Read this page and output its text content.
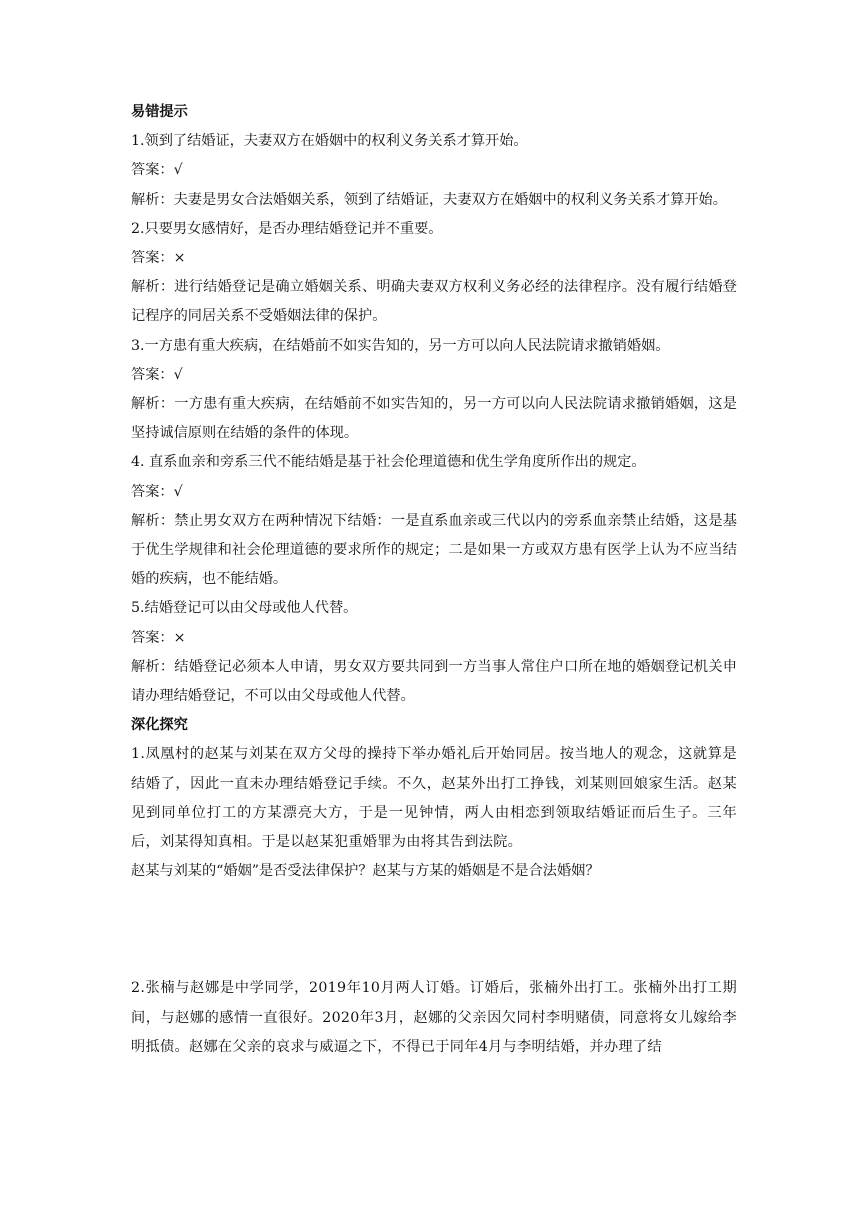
易错提示

1.领到了结婚证，夫妻双方在婚姻中的权利义务关系才算开始。

答案：√

解析：夫妻是男女合法婚姻关系，领到了结婚证，夫妻双方在婚姻中的权利义务关系才算开始。

2.只要男女感情好，是否办理结婚登记并不重要。

答案：×

解析：进行结婚登记是确立婚姻关系、明确夫妻双方权利义务必经的法律程序。没有履行结婚登记程序的同居关系不受婚姻法律的保护。

3.一方患有重大疾病，在结婚前不如实告知的，另一方可以向人民法院请求撤销婚姻。

答案：√

解析：一方患有重大疾病，在结婚前不如实告知的，另一方可以向人民法院请求撤销婚姻，这是坚持诚信原则在结婚的条件的体现。

4. 直系血亲和旁系三代不能结婚是基于社会伦理道德和优生学角度所作出的规定。

答案：√

解析：禁止男女双方在两种情况下结婚：一是直系血亲或三代以内的旁系血亲禁止结婚，这是基于优生学规律和社会伦理道德的要求所作的规定；二是如果一方或双方患有医学上认为不应当结婚的疾病，也不能结婚。

5.结婚登记可以由父母或他人代替。

答案：×

解析：结婚登记必须本人申请，男女双方要共同到一方当事人常住户口所在地的婚姻登记机关申请办理结婚登记，不可以由父母或他人代替。

深化探究

1.凤凰村的赵某与刘某在双方父母的操持下举办婚礼后开始同居。按当地人的观念，这就算是结婚了，因此一直未办理结婚登记手续。不久，赵某外出打工挣钱，刘某则回娘家生活。赵某见到同单位打工的方某漂亮大方，于是一见钟情，两人由相恋到领取结婚证而后生子。三年后，刘某得知真相。于是以赵某犯重婚罪为由将其告到法院。

赵某与刘某的“婚姻”是否受法律保护？赵某与方某的婚姻是不是合法婚姻？

2.张楠与赵娜是中学同学，2019年10月两人订婚。订婚后，张楠外出打工。张楠外出打工期间，与赵娜的感情一直很好。2020年3月，赵娜的父亲因欠同村李明赌债，同意将女儿嫁给李明抵债。赵娜在父亲的哀求与威逼之下，不得已于同年4月与李明结婚，并办理了结
